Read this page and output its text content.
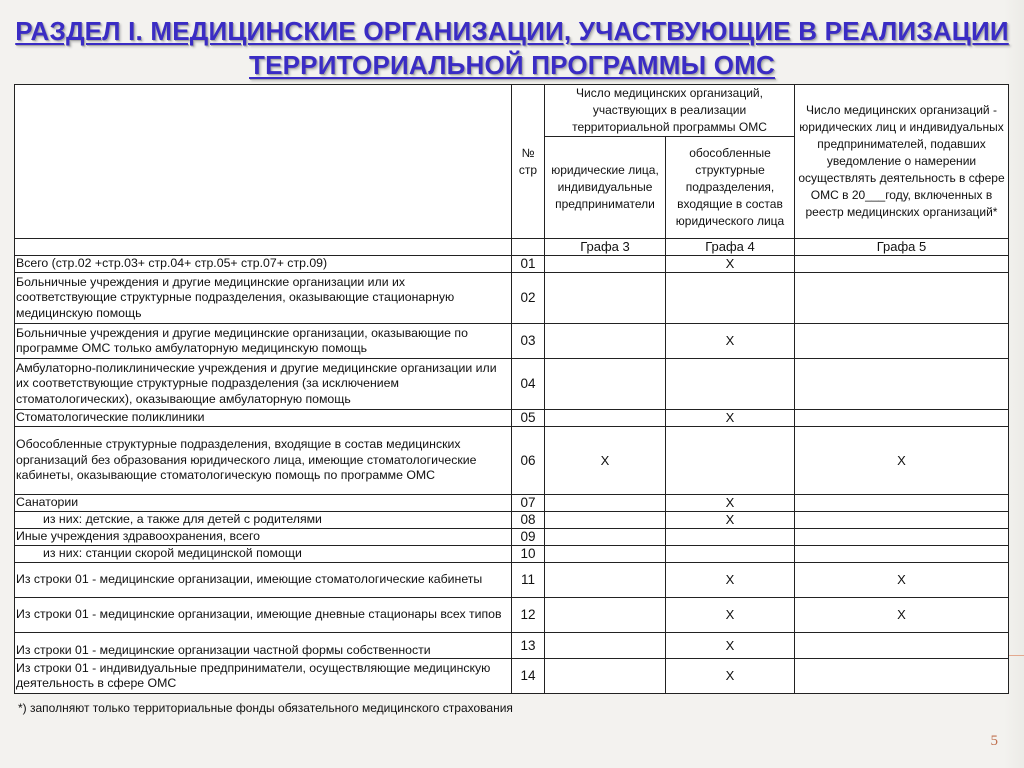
РАЗДЕЛ I. МЕДИЦИНСКИЕ ОРГАНИЗАЦИИ, УЧАСТВУЮЩИЕ В РЕАЛИЗАЦИИ
ТЕРРИТОРИАЛЬНОЙ ПРОГРАММЫ ОМС
	№ стр	Число медицинских организаций, участвующих в реализации территориальной программы ОМС		Число медицинских организаций - юридических лиц и индивидуальных предпринимателей, подавших уведомление о намерении осуществлять деятельность в сфере ОМС в 20___году, включенных в реестр медицинских организаций*
		юридические лица, индивидуальные предприниматели	обособленные структурные подразделения, входящие в состав юридического лица	
		Графа 3	Графа 4	Графа 5
Всего (стр.02 +стр.03+ стр.04+ стр.05+ стр.07+ стр.09)	01		Х	
Больничные учреждения и другие медицинские организации или их соответствующие структурные подразделения, оказывающие стационарную медицинскую помощь	02			
Больничные учреждения и другие медицинские организации, оказывающие по программе ОМС только амбулаторную медицинскую помощь	03		Х	
Амбулаторно-поликлинические учреждения и другие медицинские организации или их соответствующие структурные подразделения (за исключением стоматологических), оказывающие амбулаторную помощь	04			
Стоматологические поликлиники	05		Х	
Обособленные структурные подразделения, входящие в состав медицинских организаций без образования юридического лица, имеющие стоматологические кабинеты, оказывающие стоматологическую помощь по программе ОМС	06	Х		Х
Санатории	07		Х	
из них: детские, а также для детей с родителями	08		Х	
Иные учреждения здравоохранения, всего	09			
из них: станции скорой медицинской помощи	10			
Из строки 01 - медицинские организации, имеющие стоматологические кабинеты	11		Х	Х
Из строки 01 - медицинские организации, имеющие дневные стационары всех типов	12		Х	Х
Из строки 01 - медицинские организации частной формы собственности	13		Х	
Из строки 01 - индивидуальные предприниматели, осуществляющие медицинскую деятельность в сфере ОМС	14		Х	
*) заполняют только территориальные фонды обязательного медицинского страхования
5
